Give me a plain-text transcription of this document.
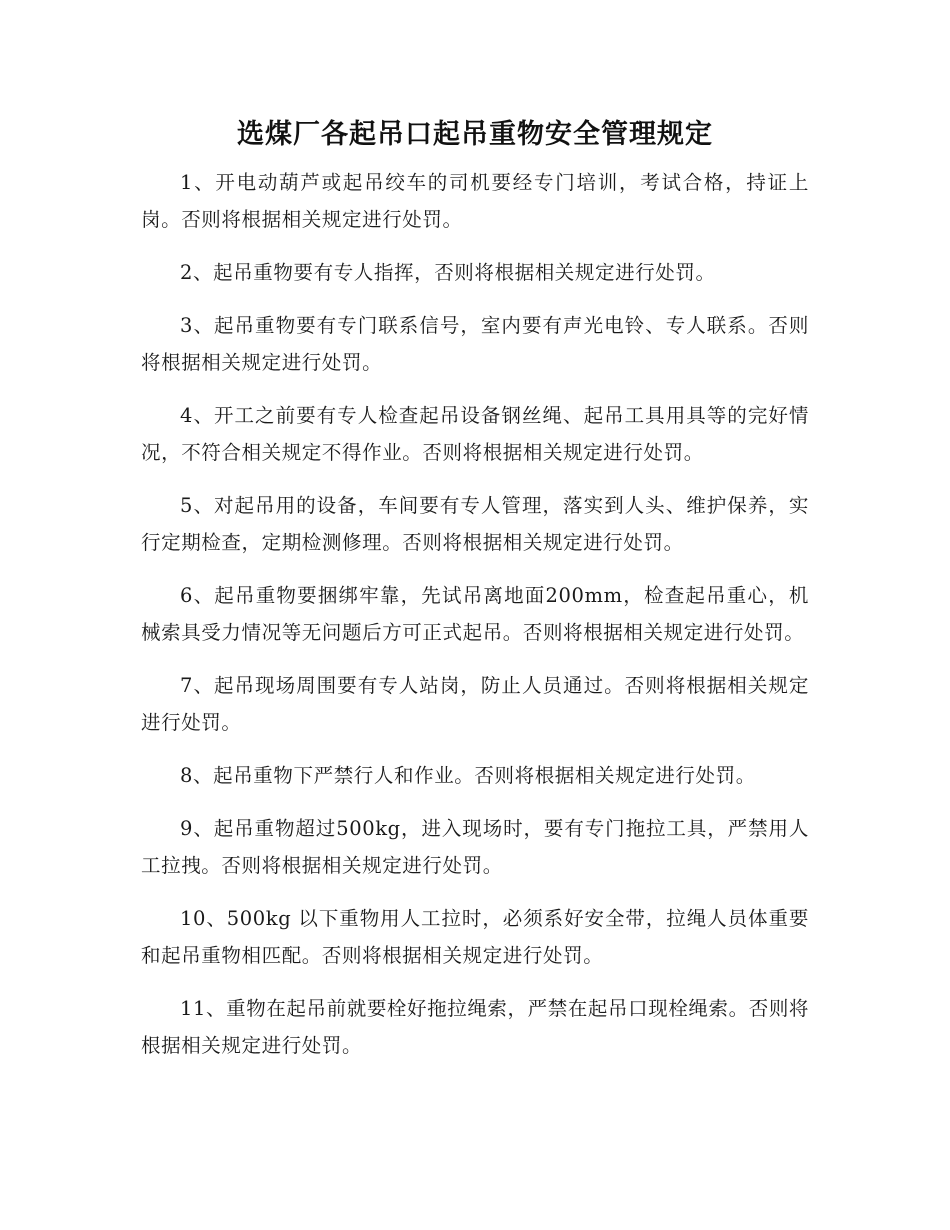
选煤厂各起吊口起吊重物安全管理规定

1、开电动葫芦或起吊绞车的司机要经专门培训，考试合格，持证上岗。否则将根据相关规定进行处罚。

2、起吊重物要有专人指挥，否则将根据相关规定进行处罚。

3、起吊重物要有专门联系信号，室内要有声光电铃、专人联系。否则将根据相关规定进行处罚。

4、开工之前要有专人检查起吊设备钢丝绳、起吊工具用具等的完好情况，不符合相关规定不得作业。否则将根据相关规定进行处罚。

5、对起吊用的设备，车间要有专人管理，落实到人头、维护保养，实行定期检查，定期检测修理。否则将根据相关规定进行处罚。

6、起吊重物要捆绑牢靠，先试吊离地面200mm，检查起吊重心，机械索具受力情况等无问题后方可正式起吊。否则将根据相关规定进行处罚。

7、起吊现场周围要有专人站岗，防止人员通过。否则将根据相关规定进行处罚。

8、起吊重物下严禁行人和作业。否则将根据相关规定进行处罚。

9、起吊重物超过500kg，进入现场时，要有专门拖拉工具，严禁用人工拉拽。否则将根据相关规定进行处罚。

10、500kg 以下重物用人工拉时，必须系好安全带，拉绳人员体重要和起吊重物相匹配。否则将根据相关规定进行处罚。

11、重物在起吊前就要栓好拖拉绳索，严禁在起吊口现栓绳索。否则将根据相关规定进行处罚。
